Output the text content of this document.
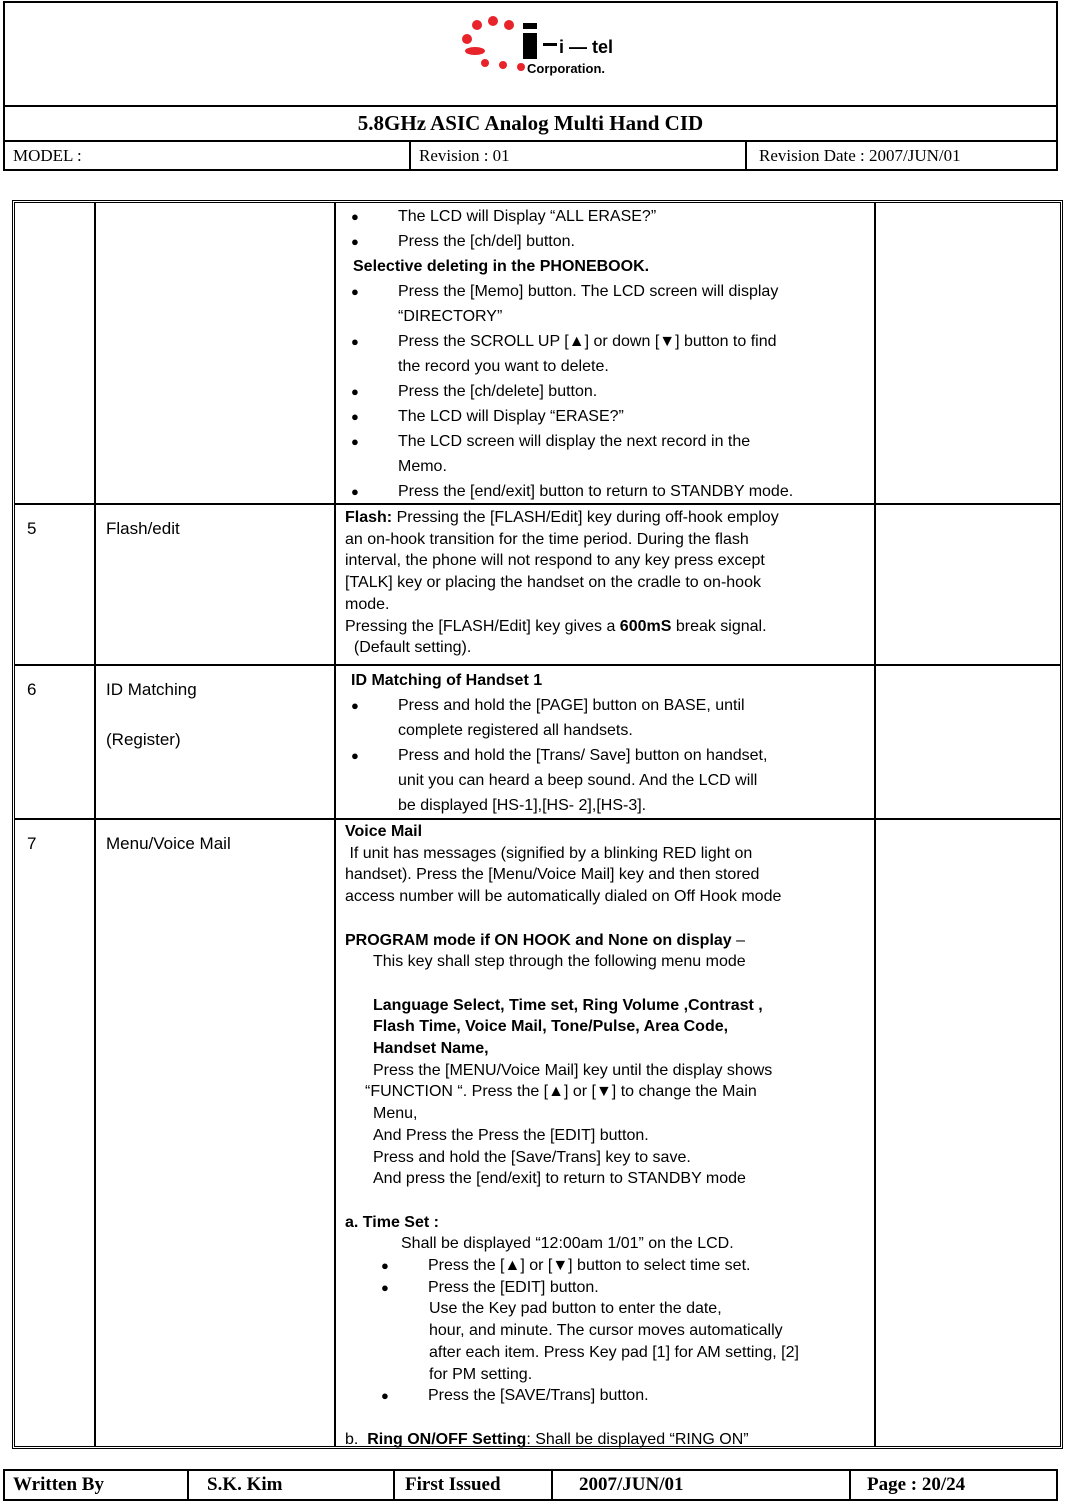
i — tel
Corporation.
5.8GHz ASIC Analog Multi Hand CID
MODEL :	Revision : 01	Revision Date : 2007/JUN/01
● The LCD will Display “ALL ERASE?”
● Press the [ch/del] button.
Selective deleting in the PHONEBOOK.
● Press the [Memo] button. The LCD screen will display
“DIRECTORY”
● Press the SCROLL UP [▲] or down [▼] button to find
the record you want to delete.
● Press the [ch/delete] button.
● The LCD will Display “ERASE?”
● The LCD screen will display the next record in the
Memo.
● Press the [end/exit] button to return to STANDBY mode.
5	Flash/edit
Flash: Pressing the [FLASH/Edit] key during off-hook employ
an on-hook transition for the time period. During the flash
interval, the phone will not respond to any key press except
[TALK] key or placing the handset on the cradle to on-hook
mode.
Pressing the [FLASH/Edit] key gives a 600mS break signal.
(Default setting).
6	ID Matching
(Register)
ID Matching of Handset 1
● Press and hold the [PAGE] button on BASE, until
complete registered all handsets.
● Press and hold the [Trans/ Save] button on handset,
unit you can heard a beep sound. And the LCD will
be displayed [HS-1],[HS- 2],[HS-3].
7	Menu/Voice Mail
Voice Mail
If unit has messages (signified by a blinking RED light on
handset). Press the [Menu/Voice Mail] key and then stored
access number will be automatically dialed on Off Hook mode
PROGRAM mode if ON HOOK and None on display –
This key shall step through the following menu mode
Language Select, Time set, Ring Volume ,Contrast ,
Flash Time, Voice Mail, Tone/Pulse, Area Code,
Handset Name,
Press the [MENU/Voice Mail] key until the display shows
“FUNCTION “. Press the [▲] or [▼] to change the Main
Menu,
And Press the Press the [EDIT] button.
Press and hold the [Save/Trans] key to save.
And press the [end/exit] to return to STANDBY mode
a. Time Set :
Shall be displayed “12:00am 1/01” on the LCD.
● Press the [▲] or [▼] button to select time set.
● Press the [EDIT] button.
Use the Key pad button to enter the date,
hour, and minute. The cursor moves automatically
after each item. Press Key pad [1] for AM setting, [2]
for PM setting.
● Press the [SAVE/Trans] button.
b.  Ring ON/OFF Setting: Shall be displayed “RING ON”
Written By	S.K. Kim	First Issued	2007/JUN/01	Page : 20/24
